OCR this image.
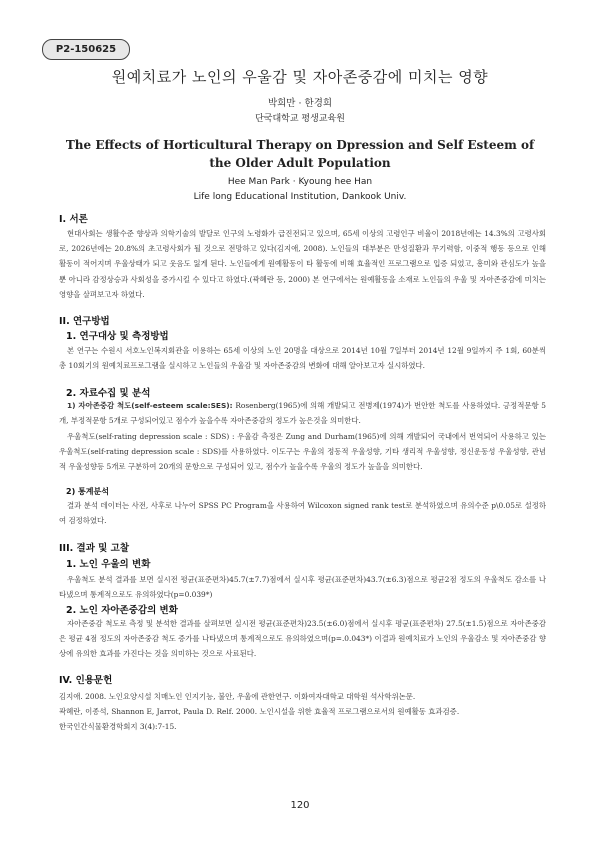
P2-150625
원예치료가 노인의 우울감 및 자아존중감에 미치는 영향
박희만 · 한경희
단국대학교 평생교육원
The Effects of Horticultural Therapy on Dpression and Self Esteem of the Older Adult Population
Hee Man Park · Kyoung hee Han
Life long Educational Institution, Dankook Univ.
I. 서론
현대사회는 생활수준 향상과 의학기술의 발달로 인구의 노령화가 급진전되고 있으며, 65세 이상의 고령인구 비율이 2018년에는 14.3%의 고령사회로, 2026년에는 20.8%의 초고령사회가 될 것으로 전망하고 있다(김지애, 2008). 노인들의 대부분은 만성질환과 무기력함, 이중적 행동 등으로 인해 활동이 적어지며 우울상태가 되고 웃음도 잃게 된다. 노인들에게 원예활동이 타 활동에 비해 효율적인 프로그램으로 입증 되었고, 흥미와 관심도가 높을 뿐 아니라 감정상승과 사회성을 증가시킬 수 있다고 하였다.(곽혜란 등, 2000) 본 연구에서는 원예활동을 소재로 노인들의 우울 및 자아존중감에 미치는 영향을 살펴보고자 하였다.
II. 연구방법
1. 연구대상 및 측정방법
본 연구는 수원시 서호노인복지회관을 이용하는 65세 이상의 노인 20명을 대상으로 2014년 10월 7일부터 2014년 12월 9일까지 주 1회, 60분씩 총 10회기의 원예치료프로그램을 실시하고 노인들의 우울감 및 자아존중감의 변화에 대해 알아보고자 실시하였다.
2. 자료수집 및 분석
1) 자아존중감 척도(self-esteem scale:SES): Rosenberg(1965)에 의해 개발되고 전병제(1974)가 번안한 척도를 사용하였다. 긍정적문항 5개, 부정적문항 5개로 구성되어있고 점수가 높을수록 자아존중감의 정도가 높은것을 의미한다.
우울척도(self-rating depression scale : SDS) : 우울감 측정은 Zung and Durham(1965)에 의해 개발되어 국내에서 번역되어 사용하고 있는 우울척도(self-rating depression scale : SDS)를 사용하였다. 이도구는 우울의 정동적 우울성향, 기타 생리적 우울성향, 정신운동성 우울성향, 관념적 우울성향등 5개로 구분하여 20개의 문항으로 구성되어 있고, 점수가 높을수록 우울의 정도가 높을을 의미한다.
2) 통계분석
결과 분석 데이터는 사전, 사후로 나누어 SPSS PC Program을 사용하여 Wilcoxon signed rank test로 분석하였으며 유의수준 p\0.05로 설정하여 검정하였다.
III. 결과 및 고찰
1. 노인 우울의 변화
우울척도 분석 결과를 보면 실시전 평균(표준편차)45.7(±7.7)점에서 실시후 평균(표준편차)43.7(±6.3)점으로 평균2점 정도의 우울척도 감소를 나타냈으며 통계적으로도 유의하였다(p=0.039*)
2. 노인 자아존중감의 변화
자아존중감 척도로 측정 및 분석한 결과를 살펴보면 실시전 평균(표준편차)23.5(±6.0)점에서 실시후 평균(표준편차) 27.5(±1.5)점으로 자아존중감은 평균 4점 정도의 자아존중감 척도 증가를 나타냈으며 통계적으로도 유의하였으며(p=.0.043*) 이결과 원예치료가 노인의 우울감소 및 자아존중감 향상에 유의한 효과를 가진다는 것을 의미하는 것으로 사료된다.
IV. 인용문헌
김지애. 2008. 노인요양시설 치매노인 인지기능, 불안, 우울에 관한연구. 이화여자대학교 대학원 석사학위논문.
곽혜란, 이종석, Shannon E, Jarrot, Paula D. Relf. 2000. 노인시설을 위한 효율적 프로그램으로서의 원예활동 효과검증.
한국인간식물환경학회지 3(4):7-15.
120
